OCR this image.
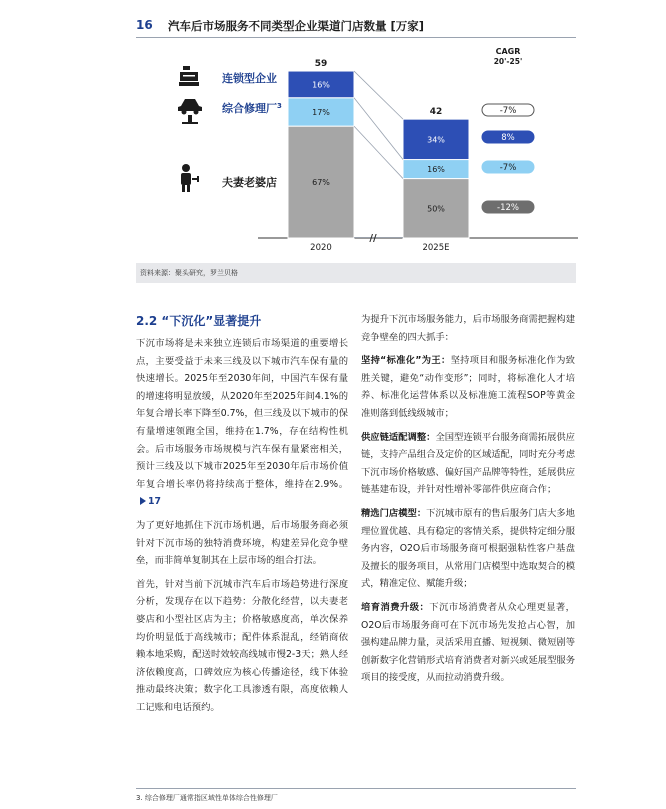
16 汽车后市场服务不同类型企业渠道门店数量 [万家]
67%
17%
16%
59
2020
50%
16%
34%
42
2025E
//
连锁型企业
综合修理厂$^3$
夫妻老婆店
CAGR
20'-25'
-7%
8%
-7%
-12%
资料来源：聚头研究，罗兰贝格
2.2 “下沉化”显著提升

下沉市场将是未来独立连锁后市场渠道的重要增长点，主要受益于未来三线及以下城市汽车保有量的快速增长。2025年至2030年间，中国汽车保有量的增速将明显放缓，从2020年至2025年间4.1%的年复合增长率下降至0.7%，但三线及以下城市的保有量增速领跑全国，维持在1.7%，存在结构性机会。后市场服务市场规模与汽车保有量紧密相关，预计三线及以下城市2025年至2030年后市场价值年复合增长率仍将持续高于整体，维持在2.9%。17

为了更好地抓住下沉市场机遇，后市场服务商必须针对下沉市场的独特消费环境，构建差异化竞争壁垒，而非简单复制其在上层市场的组合打法。

首先，针对当前下沉城市汽车后市场趋势进行深度分析，发现存在以下趋势：分散化经营，以夫妻老婆店和小型社区店为主；价格敏感度高，单次保养均价明显低于高线城市；配件体系混乱，经销商依赖本地采购，配送时效较高线城市慢2-3天；熟人经济依赖度高，口碑效应为核心传播途径，线下体验推动最终决策；数字化工具渗透有限，高度依赖人工记账和电话预约。

为提升下沉市场服务能力，后市场服务商需把握构建竞争壁垒的四大抓手：

坚持“标准化”为王：坚持项目和服务标准化作为致胜关键，避免“动作变形”；同时，将标准化人才培养、标准化运营体系以及标准施工流程SOP等黄金准则落到低线级城市；

供应链适配调整：全国型连锁平台服务商需拓展供应链，支持产品组合及定价的区域适配，同时充分考虑下沉市场价格敏感、偏好国产品牌等特性，延展供应链基建布设，并针对性增补零部件供应商合作；

精选门店模型：下沉城市原有的售后服务门店大多地理位置优越、具有稳定的客情关系，提供特定细分服务内容，O2O后市场服务商可根据强粘性客户基盘及擅长的服务项目，从常用门店模型中选取契合的模式，精准定位、赋能升级；

培育消费升级：下沉市场消费者从众心理更显著，O2O后市场服务商可在下沉市场先发抢占心智，加强构建品牌力量，灵活采用直播、短视频、微短剧等创新数字化营销形式培育消费者对新兴或延展型服务项目的接受度，从而拉动消费升级。

3. 综合修理厂通常指区域性单体综合性修理厂
